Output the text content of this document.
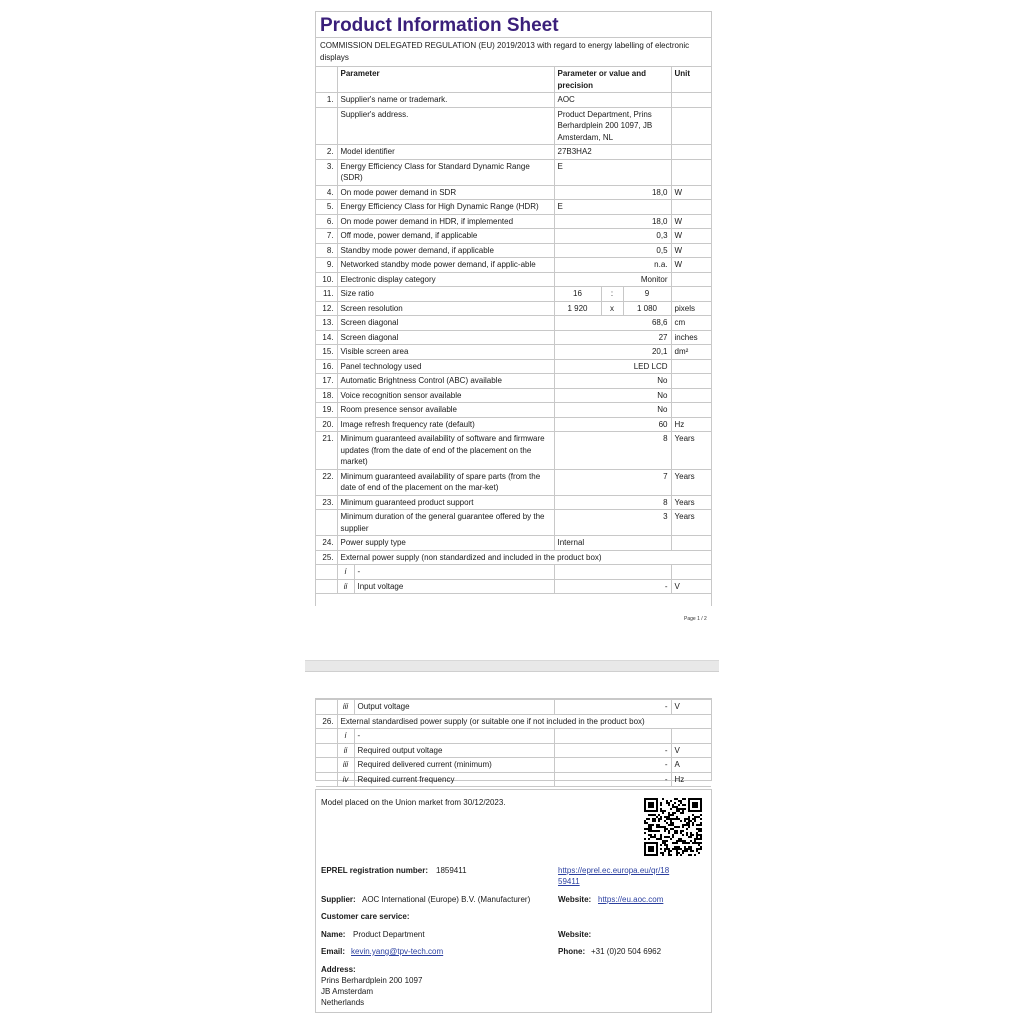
Product Information Sheet
COMMISSION DELEGATED REGULATION (EU) 2019/2013 with regard to energy labelling of electronic displays
	Parameter	Parameter or value and precision			Unit
1.	Supplier's name or trademark.	AOC			
	Supplier's address.	Product Department, Prins Berhardplein 200 1097, JB Amsterdam, NL			
2.	Model identifier	27B3HA2			
3.	Energy Efficiency Class for Standard Dynamic Range (SDR)	E			
4.	On mode power demand in SDR	18,0			W
5.	Energy Efficiency Class for High Dynamic Range (HDR)	E			
6.	On mode power demand in HDR, if implemented	18,0			W
7.	Off mode, power demand, if applicable	0,3			W
8.	Standby mode power demand, if applicable	0,5			W
9.	Networked standby mode power demand, if applic-able	n.a.			W
10.	Electronic display category	Monitor			
11.	Size ratio	16	:	9	
12.	Screen resolution	1 920	x	1 080	pixels
13.	Screen diagonal	68,6			cm
14.	Screen diagonal	27			inches
15.	Visible screen area	20,1			dm²
16.	Panel technology used	LED LCD			
17.	Automatic Brightness Control (ABC) available	No			
18.	Voice recognition sensor available	No			
19.	Room presence sensor available	No			
20.	Image refresh frequency rate (default)	60			Hz
21.	Minimum guaranteed availability of software and firmware updates (from the date of end of the placement on the market)	8			Years
22.	Minimum guaranteed availability of spare parts (from the date of end of the placement on the mar-ket)	7			Years
23.	Minimum guaranteed product support	8			Years
	Minimum duration of the general guarantee offered by the supplier	3			Years
24.	Power supply type	Internal			
25.	External power supply (non standardized and included in the product box)				

	i -				

	ii Input voltage	-			V
Page 1 / 2
	iii	Output voltage	-	V
26.	External standardised power supply (or suitable one if not included in the product box)			
	i	-		
	ii	Required output voltage	-	V
	iii	Required delivered current (minimum)	-	A
	iv	Required current frequency	-	Hz
Model placed on the Union market from 30/12/2023.
EPREL registration number: 1859411	https://eprel.ec.europa.eu/qr/18
59411
Supplier: AOC International (Europe) B.V. (Manufacturer)	Website: https://eu.aoc.com
Customer care service:
Name: Product Department	Website:
Email: kevin.yang@tpv-tech.com	Phone: +31 (0)20 504 6962
Address:
Prins Berhardplein 200 1097
JB Amsterdam
Netherlands
